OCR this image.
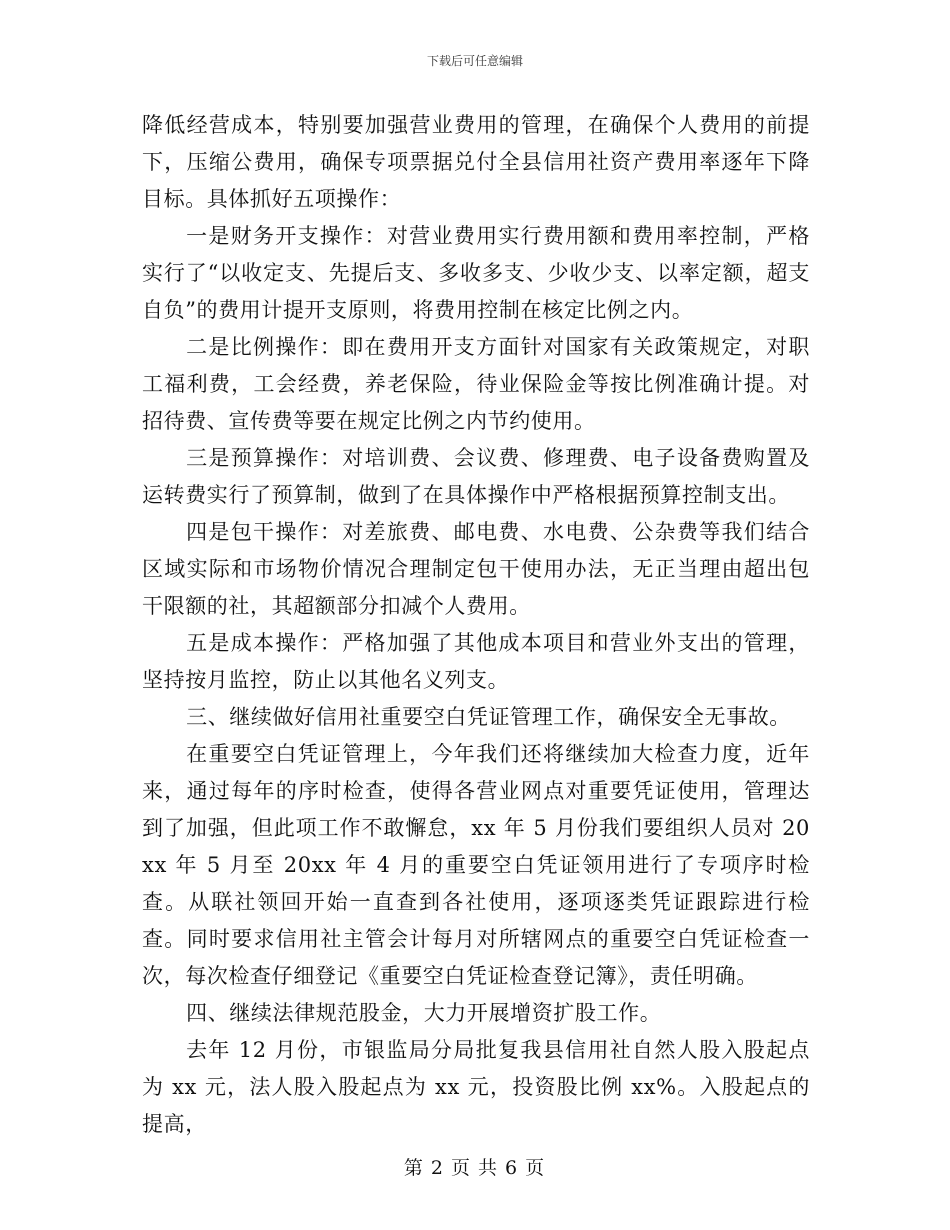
下载后可任意编辑

降低经营成本，特别要加强营业费用的管理，在确保个人费用的前提下，压缩公费用，确保专项票据兑付全县信用社资产费用率逐年下降目标。具体抓好五项操作：

一是财务开支操作：对营业费用实行费用额和费用率控制，严格实行了“以收定支、先提后支、多收多支、少收少支、以率定额，超支自负”的费用计提开支原则，将费用控制在核定比例之内。

二是比例操作：即在费用开支方面针对国家有关政策规定，对职工福利费，工会经费，养老保险，待业保险金等按比例准确计提。对招待费、宣传费等要在规定比例之内节约使用。

三是预算操作：对培训费、会议费、修理费、电子设备费购置及运转费实行了预算制，做到了在具体操作中严格根据预算控制支出。

四是包干操作：对差旅费、邮电费、水电费、公杂费等我们结合区域实际和市场物价情况合理制定包干使用办法，无正当理由超出包干限额的社，其超额部分扣减个人费用。

五是成本操作：严格加强了其他成本项目和营业外支出的管理，坚持按月监控，防止以其他名义列支。

三、继续做好信用社重要空白凭证管理工作，确保安全无事故。

在重要空白凭证管理上，今年我们还将继续加大检查力度，近年来，通过每年的序时检查，使得各营业网点对重要凭证使用，管理达到了加强，但此项工作不敢懈怠，xx 年 5 月份我们要组织人员对 20xx 年 5 月至 20xx 年 4 月的重要空白凭证领用进行了专项序时检查。从联社领回开始一直查到各社使用，逐项逐类凭证跟踪进行检查。同时要求信用社主管会计每月对所辖网点的重要空白凭证检查一次，每次检查仔细登记《重要空白凭证检查登记簿》，责任明确。

四、继续法律规范股金，大力开展增资扩股工作。

去年 12 月份，市银监局分局批复我县信用社自然人股入股起点为 xx 元，法人股入股起点为 xx 元，投资股比例 xx%。入股起点的提高，

第 2 页 共 6 页
